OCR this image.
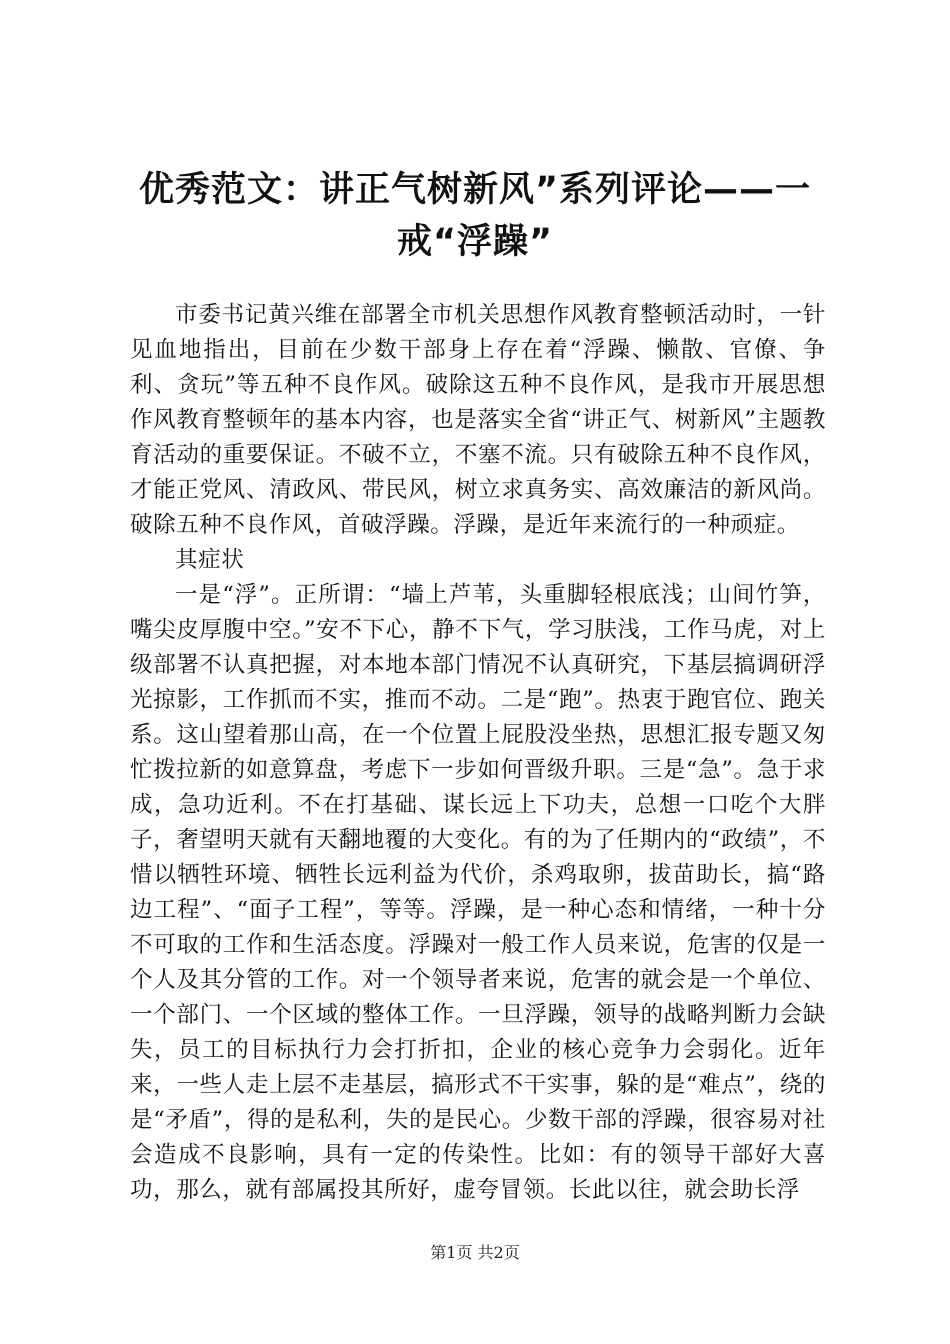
优秀范文：讲正气树新风”系列评论——一戒“浮躁”

市委书记黄兴维在部署全市机关思想作风教育整顿活动时，一针见血地指出，目前在少数干部身上存在着“浮躁、懒散、官僚、争利、贪玩”等五种不良作风。破除这五种不良作风，是我市开展思想作风教育整顿年的基本内容，也是落实全省“讲正气、树新风”主题教育活动的重要保证。不破不立，不塞不流。只有破除五种不良作风，才能正党风、清政风、带民风，树立求真务实、高效廉洁的新风尚。破除五种不良作风，首破浮躁。浮躁，是近年来流行的一种顽症。

其症状

一是“浮”。正所谓：“墙上芦苇，头重脚轻根底浅；山间竹笋，嘴尖皮厚腹中空。”安不下心，静不下气，学习肤浅，工作马虎，对上级部署不认真把握，对本地本部门情况不认真研究，下基层搞调研浮光掠影，工作抓而不实，推而不动。二是“跑”。热衷于跑官位、跑关系。这山望着那山高，在一个位置上屁股没坐热，思想汇报专题又匆忙拨拉新的如意算盘，考虑下一步如何晋级升职。三是“急”。急于求成，急功近利。不在打基础、谋长远上下功夫，总想一口吃个大胖子，奢望明天就有天翻地覆的大变化。有的为了任期内的“政绩”，不惜以牺牲环境、牺牲长远利益为代价，杀鸡取卵，拔苗助长，搞“路边工程”、“面子工程”，等等。浮躁，是一种心态和情绪，一种十分不可取的工作和生活态度。浮躁对一般工作人员来说，危害的仅是一个人及其分管的工作。对一个领导者来说，危害的就会是一个单位、一个部门、一个区域的整体工作。一旦浮躁，领导的战略判断力会缺失，员工的目标执行力会打折扣，企业的核心竞争力会弱化。近年来，一些人走上层不走基层，搞形式不干实事，躲的是“难点”，绕的是“矛盾”，得的是私利，失的是民心。少数干部的浮躁，很容易对社会造成不良影响，具有一定的传染性。比如：有的领导干部好大喜功，那么，就有部属投其所好，虚夸冒领。长此以往，就会助长浮

第1页 共2页
